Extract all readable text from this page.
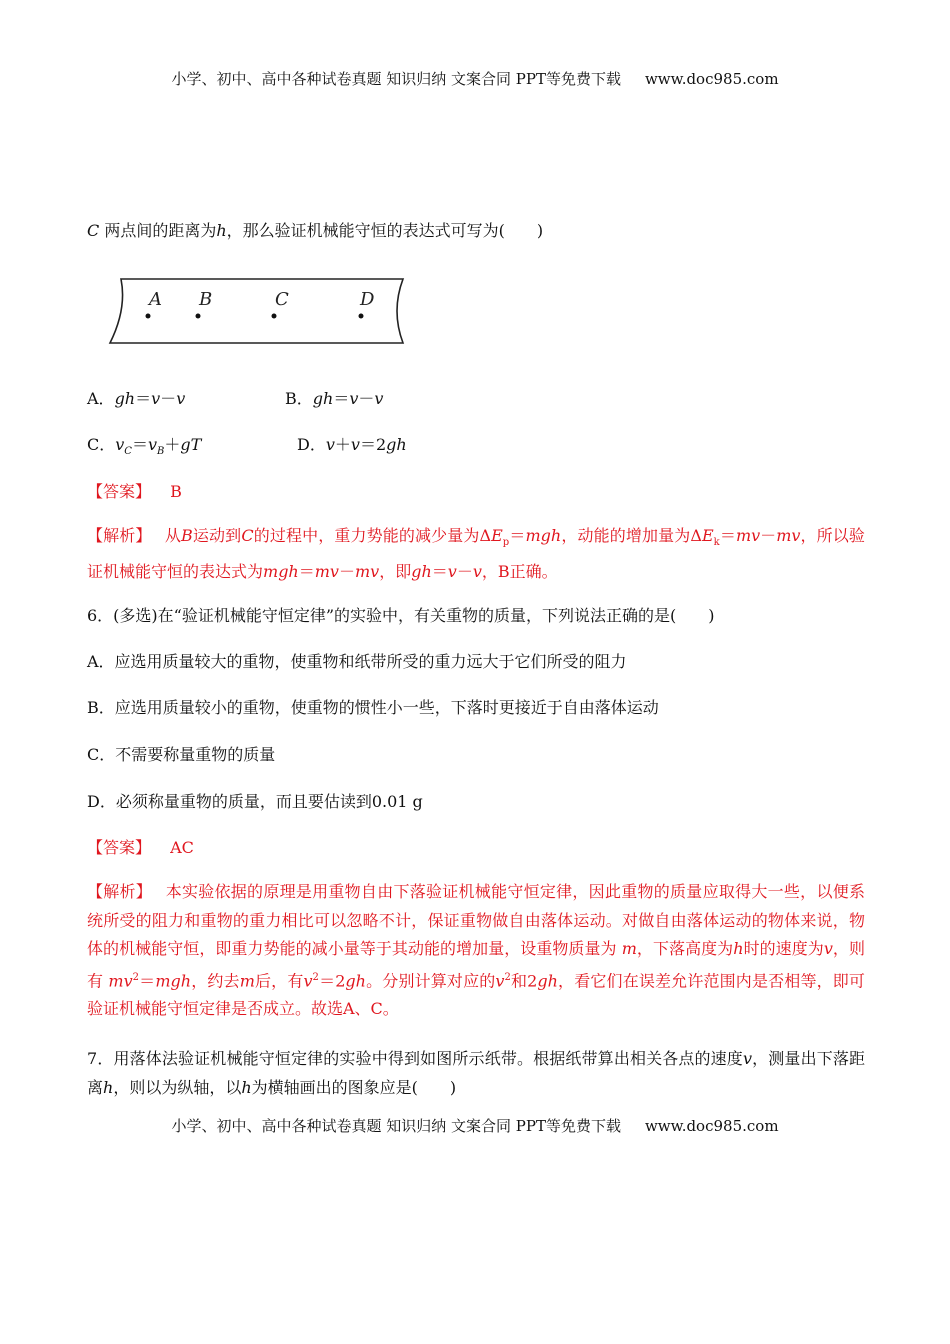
小学、初中、高中各种试卷真题 知识归纳 文案合同 PPT等免费下载 www.doc985.com
C 两点间的距离为h，那么验证机械能守恒的表达式可写为(　　)
A．gh＝v－v	B．gh＝v－v
C．$v_C=v_B+gT$	D．v＋v＝2gh
【答案】 B
【解析】　 从B运动到C的过程中，重力势能的减少量为$\Delta E_p=mgh$，动能的增加量为$\Delta E_k=mv-mv$，所以验证机械能守恒的表达式为mgh＝mv－mv，即gh＝v－v，B正确。
6．(多选)在“验证机械能守恒定律”的实验中，有关重物的质量，下列说法正确的是(　　)
A．应选用质量较大的重物，使重物和纸带所受的重力远大于它们所受的阻力
B．应选用质量较小的重物，使重物的惯性小一些，下落时更接近于自由落体运动
C．不需要称量重物的质量
D．必须称量重物的质量，而且要估读到0.01 g
【答案】 AC
【解析】　 本实验依据的原理是用重物自由下落验证机械能守恒定律，因此重物的质量应取得大一些，以便系统所受的阻力和重物的重力相比可以忽略不计，保证重物做自由落体运动。对做自由落体运动的物体来说，物体的机械能守恒，即重力势能的减小量等于其动能的增加量，设重物质量为 m，下落高度为h时的速度为v，则有 $mv^2=mgh$，约去m后，有$v^2=2gh$。分别计算对应的$v^2$和2gh，看它们在误差允许范围内是否相等，即可验证机械能守恒定律是否成立。故选A、C。
7．用落体法验证机械能守恒定律的实验中得到如图所示纸带。根据纸带算出相关各点的速度v，测量出下落距离h，则以为纵轴，以h为横轴画出的图象应是(　　)
A B	C	D
小学、初中、高中各种试卷真题 知识归纳 文案合同 PPT等免费下载 www.doc985.com
